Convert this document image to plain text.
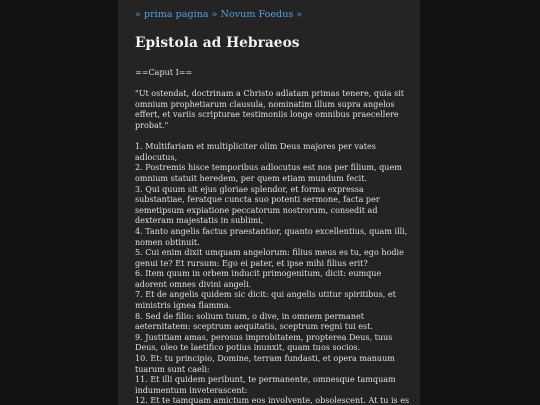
» prima pagina » Novum Foedus »
Epistola ad Hebraeos

==Caput I==

"Ut ostendat, doctrinam a Christo adlatam primas tenere, quia sit omnium prophetiarum clausula, nominatim illum supra angelos effert, et variis scripturae testimoniis longe omnibus praecellere probat."

1. Multifariam et multipliciter olim Deus majores per vates adlocutus,

2. Postremis hisce temporibus adlocutus est nos per filium, quem omnium statuit heredem, per quem etiam mundum fecit.

3. Qui quum sit ejus gloriae splendor, et forma expressa substantiae, feratque cuncta suo potenti sermone, facta per semetipsum expiatione peccatorum nostrorum, consedit ad dexteram majestatis in sublimi,

4. Tanto angelis factus praestantior, quanto excellentius, quam illi, nomen obtinuit.

5. Cui enim dixit umquam angelorum: filius meus es tu, ego hodie genui te? Et rursum: Ego ei pater, et ipse mihi filius erit?

6. Item quum in orbem inducit primogenitum, dicit: eumque adorent omnes divini angeli.

7. Et de angelis quidem sic dicit: qui angelis utitur spiritibus, et ministris ignea flamma.

8. Sed de filio: solium tuum, o dive, in omnem permanet aeternitatem: sceptrum aequitatis, sceptrum regni tui est.

9. Justitiam amas, perosus improbitatem, propterea Deus, tuus Deus, oleo te laetifico potius inunxit, quam tuos socios.

10. Et: tu principio, Domine, terram fundasti, et opera manuum tuarum sunt caeli:

11. Et illi quidem peribunt, te permanente, omnesque tamquam indumentum inveterascent:

12. Et te tamquam amictum eos involvente, obsolescent. At tu is es
